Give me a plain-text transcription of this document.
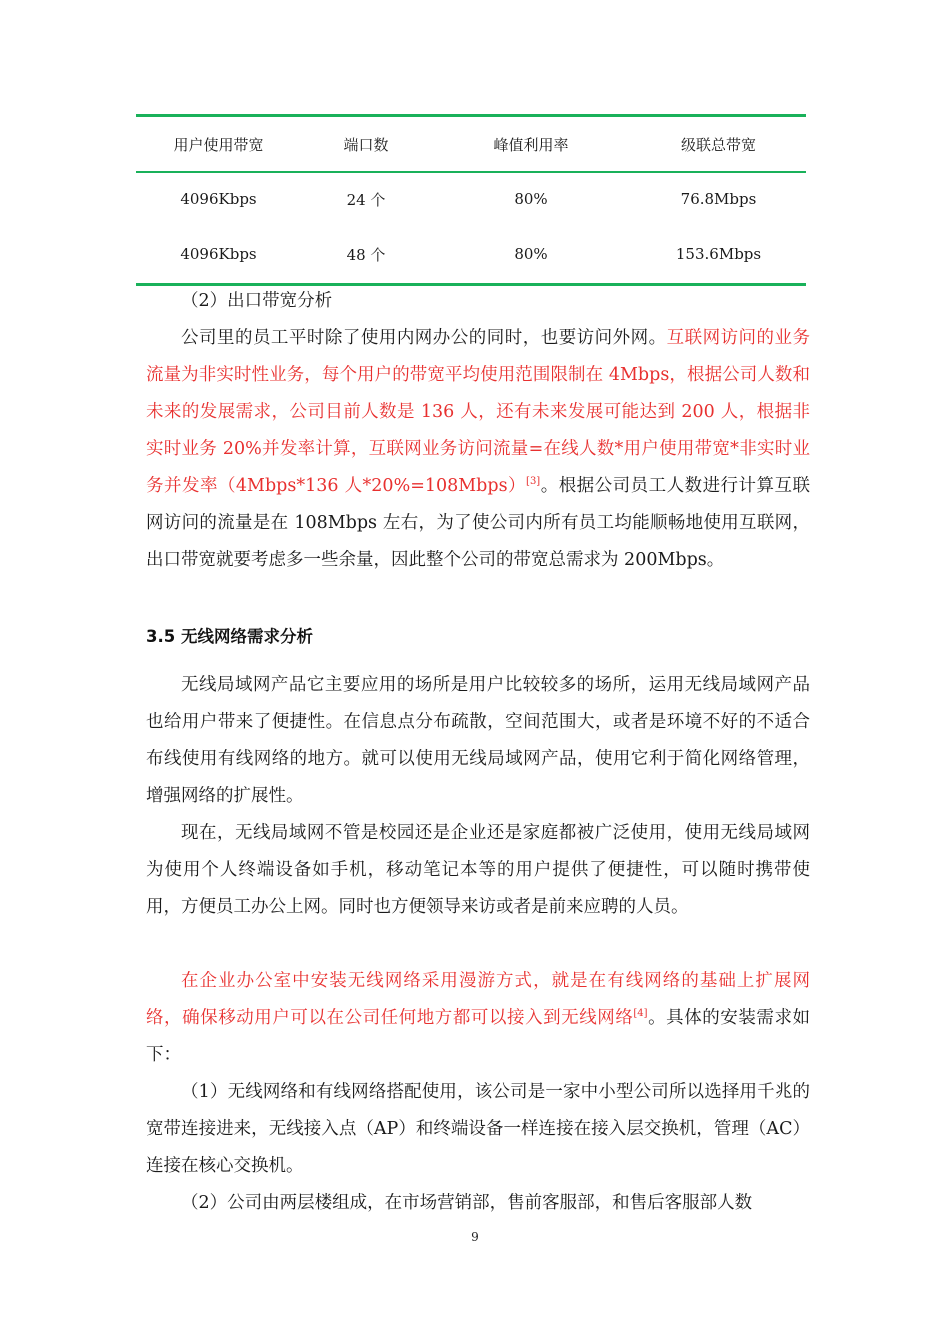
用户使用带宽	端口数	峰值利用率	级联总带宽
4096Kbps	24 个	80%	76.8Mbps
4096Kbps	48 个	80%	153.6Mbps

（2）出口带宽分析

公司里的员工平时除了使用内网办公的同时，也要访问外网。互联网访问的业务流量为非实时性业务，每个用户的带宽平均使用范围限制在 4Mbps，根据公司人数和未来的发展需求，公司目前人数是 136 人，还有未来发展可能达到 200 人，根据非实时业务 20%并发率计算，互联网业务访问流量=在线人数*用户使用带宽*非实时业务并发率（4Mbps*136 人*20%=108Mbps）[3]。根据公司员工人数进行计算互联网访问的流量是在 108Mbps 左右，为了使公司内所有员工均能顺畅地使用互联网，出口带宽就要考虑多一些余量，因此整个公司的带宽总需求为 200Mbps。

3.5 无线网络需求分析

无线局域网产品它主要应用的场所是用户比较较多的场所，运用无线局域网产品也给用户带来了便捷性。在信息点分布疏散，空间范围大，或者是环境不好的不适合布线使用有线网络的地方。就可以使用无线局域网产品，使用它利于简化网络管理，增强网络的扩展性。

现在，无线局域网不管是校园还是企业还是家庭都被广泛使用，使用无线局域网为使用个人终端设备如手机，移动笔记本等的用户提供了便捷性，可以随时携带使用，方便员工办公上网。同时也方便领导来访或者是前来应聘的人员。

在企业办公室中安装无线网络采用漫游方式，就是在有线网络的基础上扩展网络，确保移动用户可以在公司任何地方都可以接入到无线网络[4]。具体的安装需求如下：

（1）无线网络和有线网络搭配使用，该公司是一家中小型公司所以选择用千兆的宽带连接进来，无线接入点（AP）和终端设备一样连接在接入层交换机，管理（AC）连接在核心交换机。

（2）公司由两层楼组成，在市场营销部，售前客服部，和售后客服部人数

9
